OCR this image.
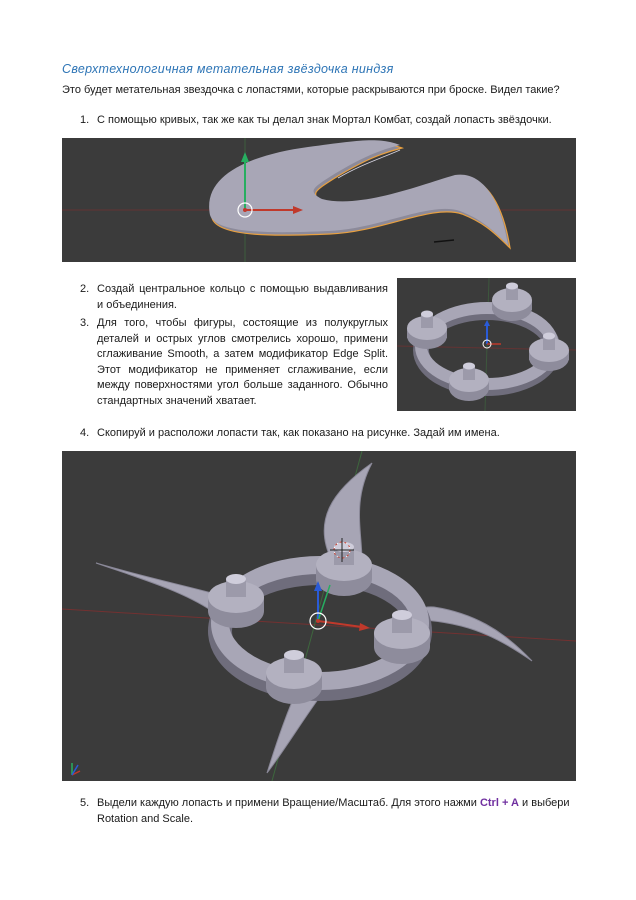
Сверхтехнологичная метательная звёздочка ниндзя
Это будет метательная звездочка с лопастями, которые раскрываются при броске. Видел такие?
1. С помощью кривых, так же как ты делал знак Мортал Комбат, создай лопасть звёздочки.
2. Создай центральное кольцо с помощью выдавливания и объединения.
3. Для того, чтобы фигуры, состоящие из полукруглых деталей и острых углов смотрелись хорошо, примени сглаживание Smooth, а затем модификатор Edge Split. Этот модификатор не применяет сглаживание, если между поверхностями угол больше заданного. Обычно стандартных значений хватает.
4. Скопируй и расположи лопасти так, как показано на рисунке. Задай им имена.
5. Выдели каждую лопасть и примени Вращение/Масштаб. Для этого нажми Ctrl + A и выбери Rotation and Scale.
